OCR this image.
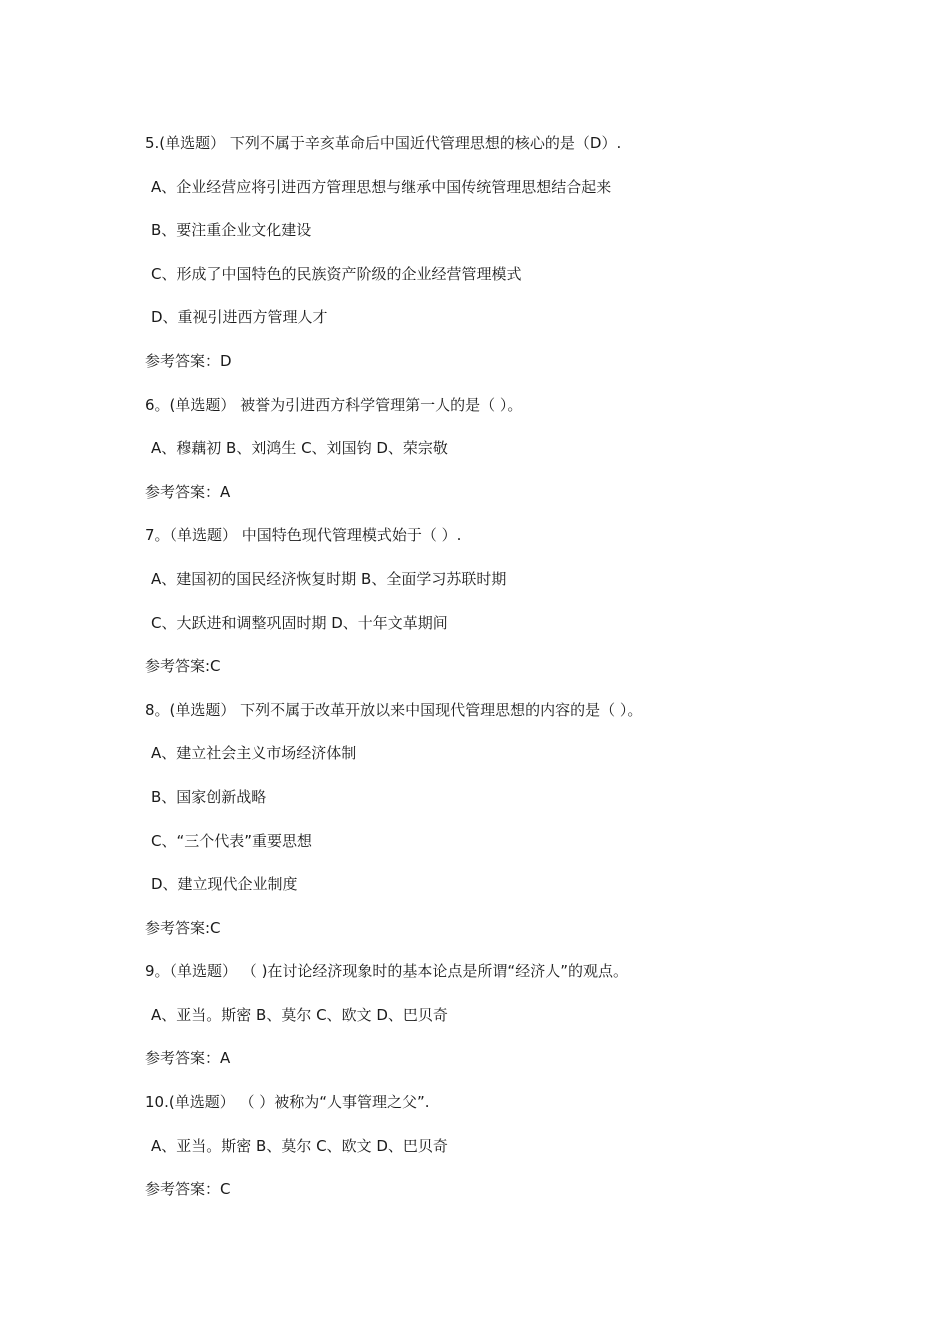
5.(单选题） 下列不属于辛亥革命后中国近代管理思想的核心的是（D）.
A、企业经营应将引进西方管理思想与继承中国传统管理思想结合起来
B、要注重企业文化建设
C、形成了中国特色的民族资产阶级的企业经营管理模式
D、重视引进西方管理人才
参考答案：D
6。(单选题） 被誉为引进西方科学管理第一人的是（ ）。
A、穆藕初 B、刘鸿生 C、刘国钧 D、荣宗敬
参考答案：A
7。（单选题） 中国特色现代管理模式始于（ ）.
A、建国初的国民经济恢复时期 B、全面学习苏联时期
C、大跃进和调整巩固时期 D、十年文革期间
参考答案:C
8。(单选题） 下列不属于改革开放以来中国现代管理思想的内容的是（ ）。
A、建立社会主义市场经济体制
B、国家创新战略
C、“三个代表”重要思想
D、建立现代企业制度
参考答案:C
9。（单选题） （ )在讨论经济现象时的基本论点是所谓“经济人”的观点。
A、亚当。斯密 B、莫尔 C、欧文 D、巴贝奇
参考答案：A
10.(单选题） （ ）被称为“人事管理之父”.
A、亚当。斯密 B、莫尔 C、欧文 D、巴贝奇
参考答案：C
